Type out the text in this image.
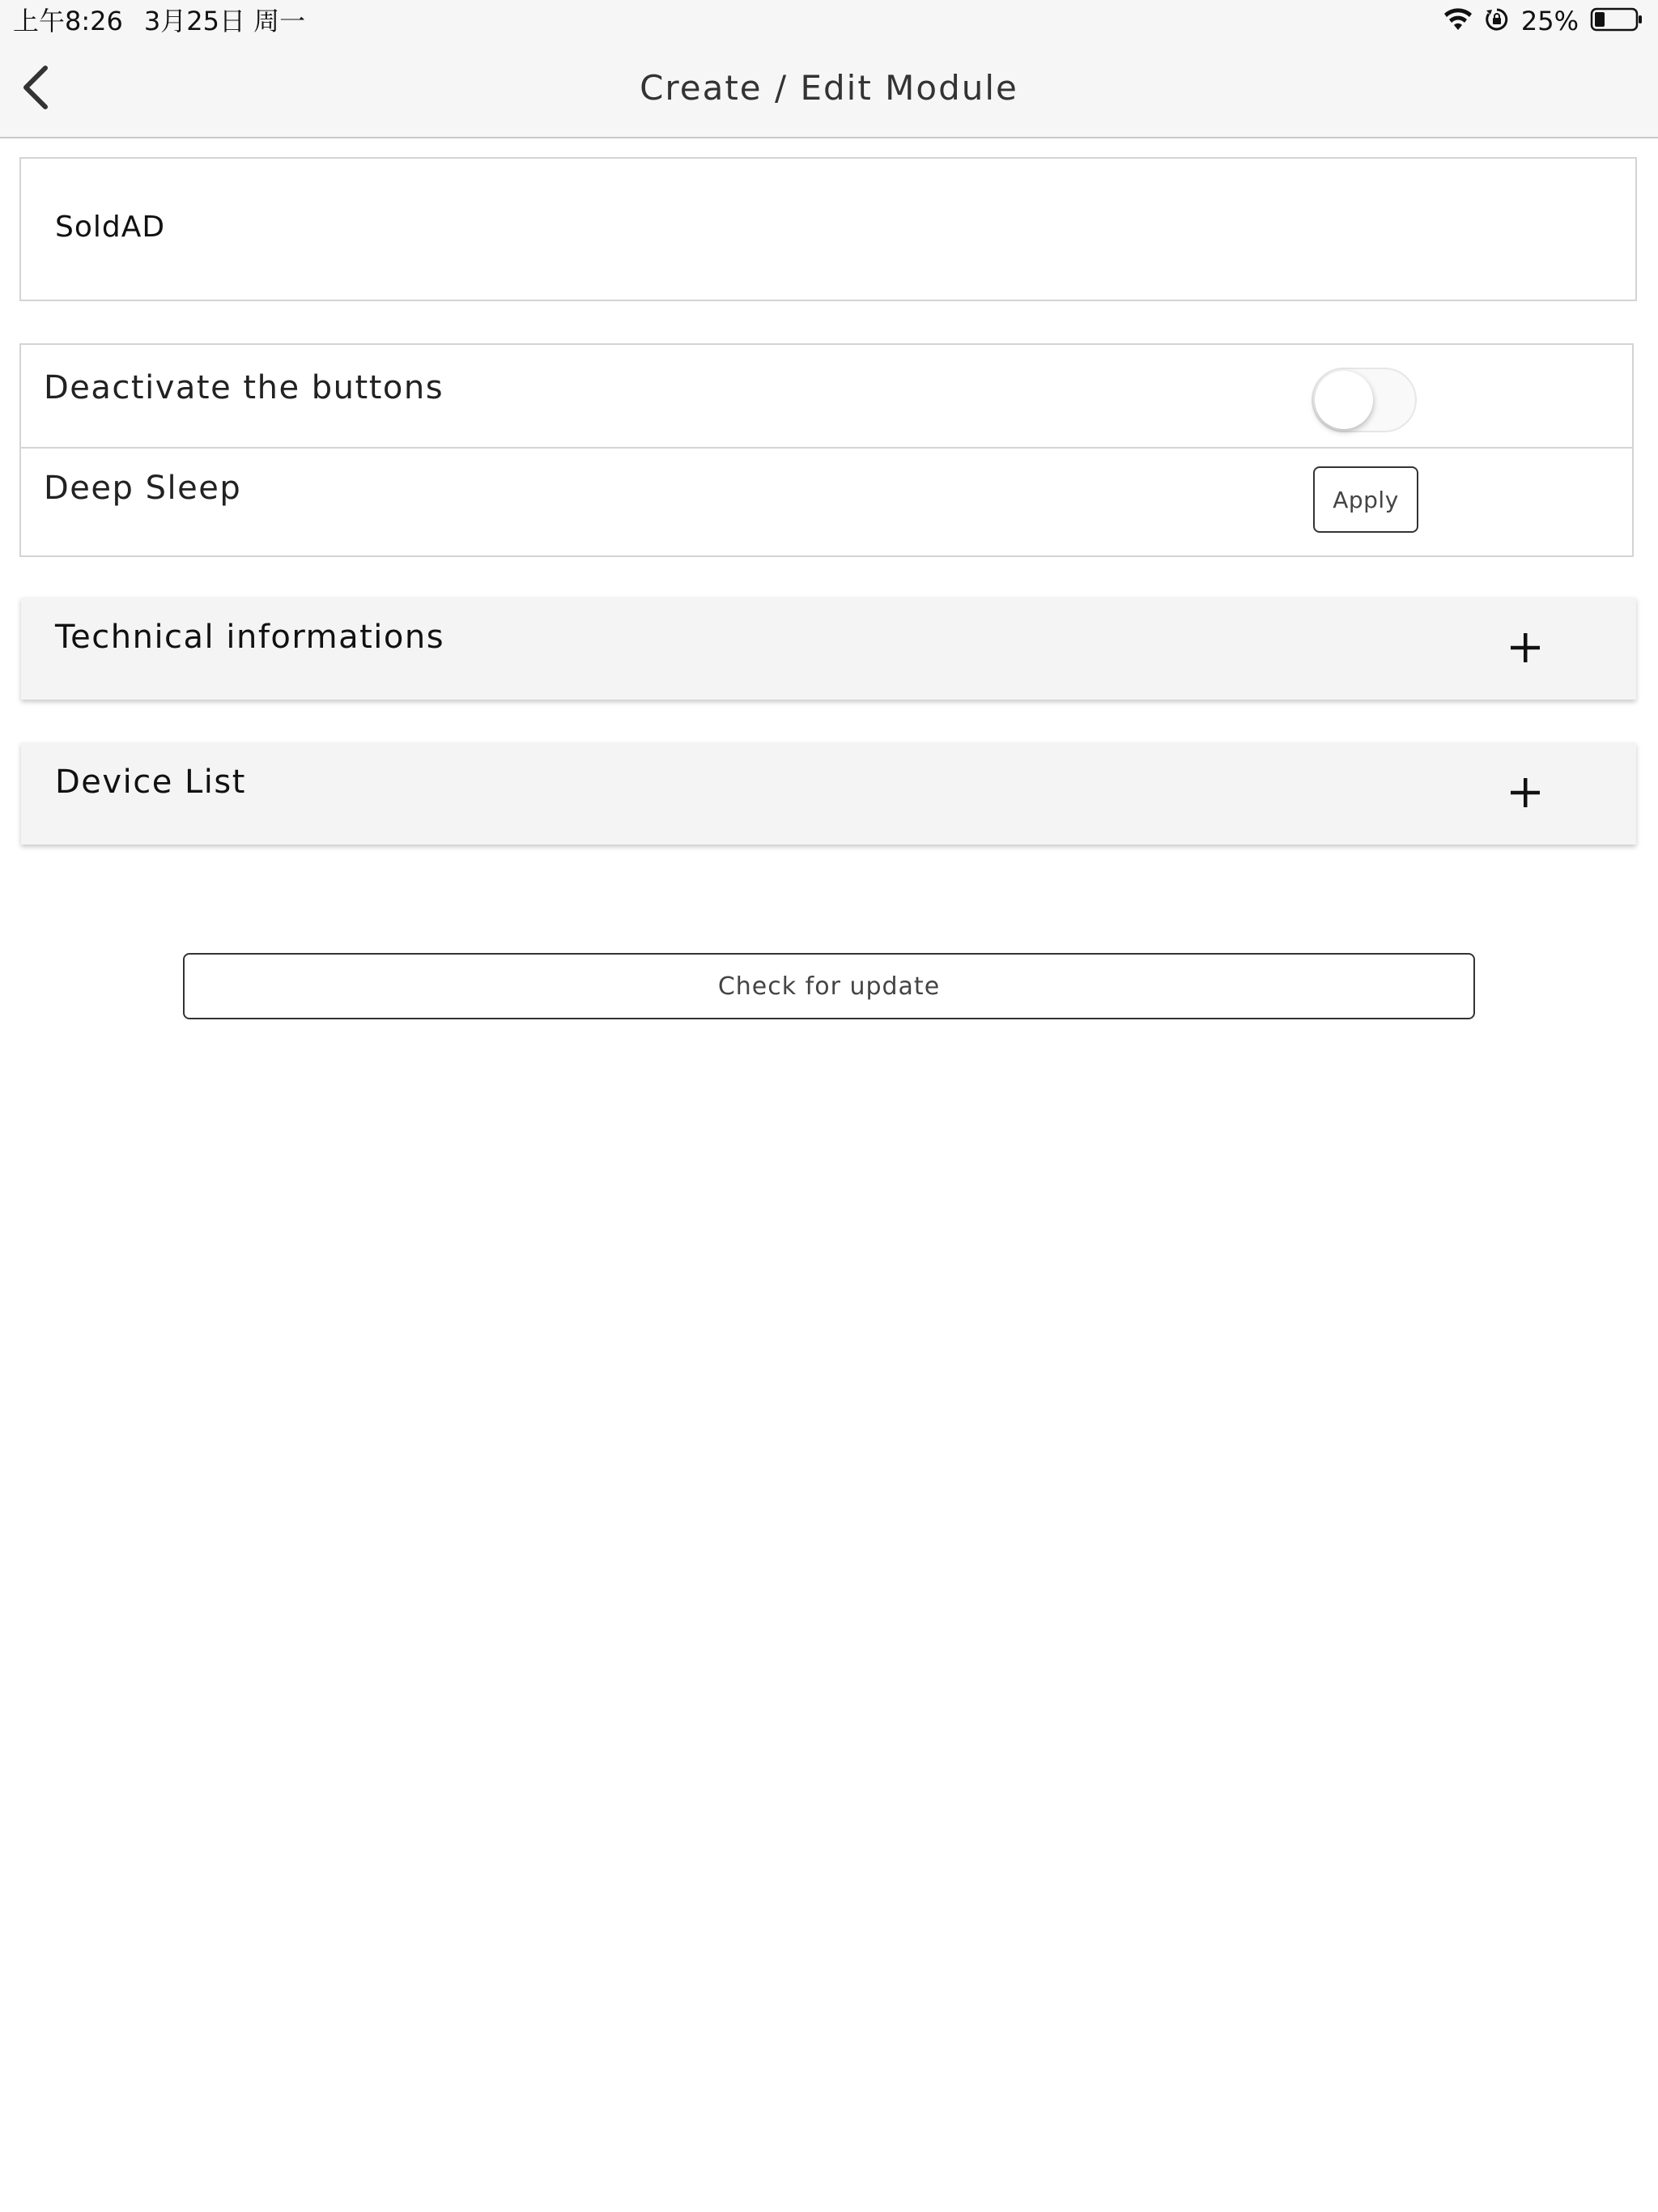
上午8:26 3月25日 周一	25%
Create / Edit Module
SoldAD
Deactivate the buttons
Deep Sleep	Apply
Technical informations
Device List
Check for update
